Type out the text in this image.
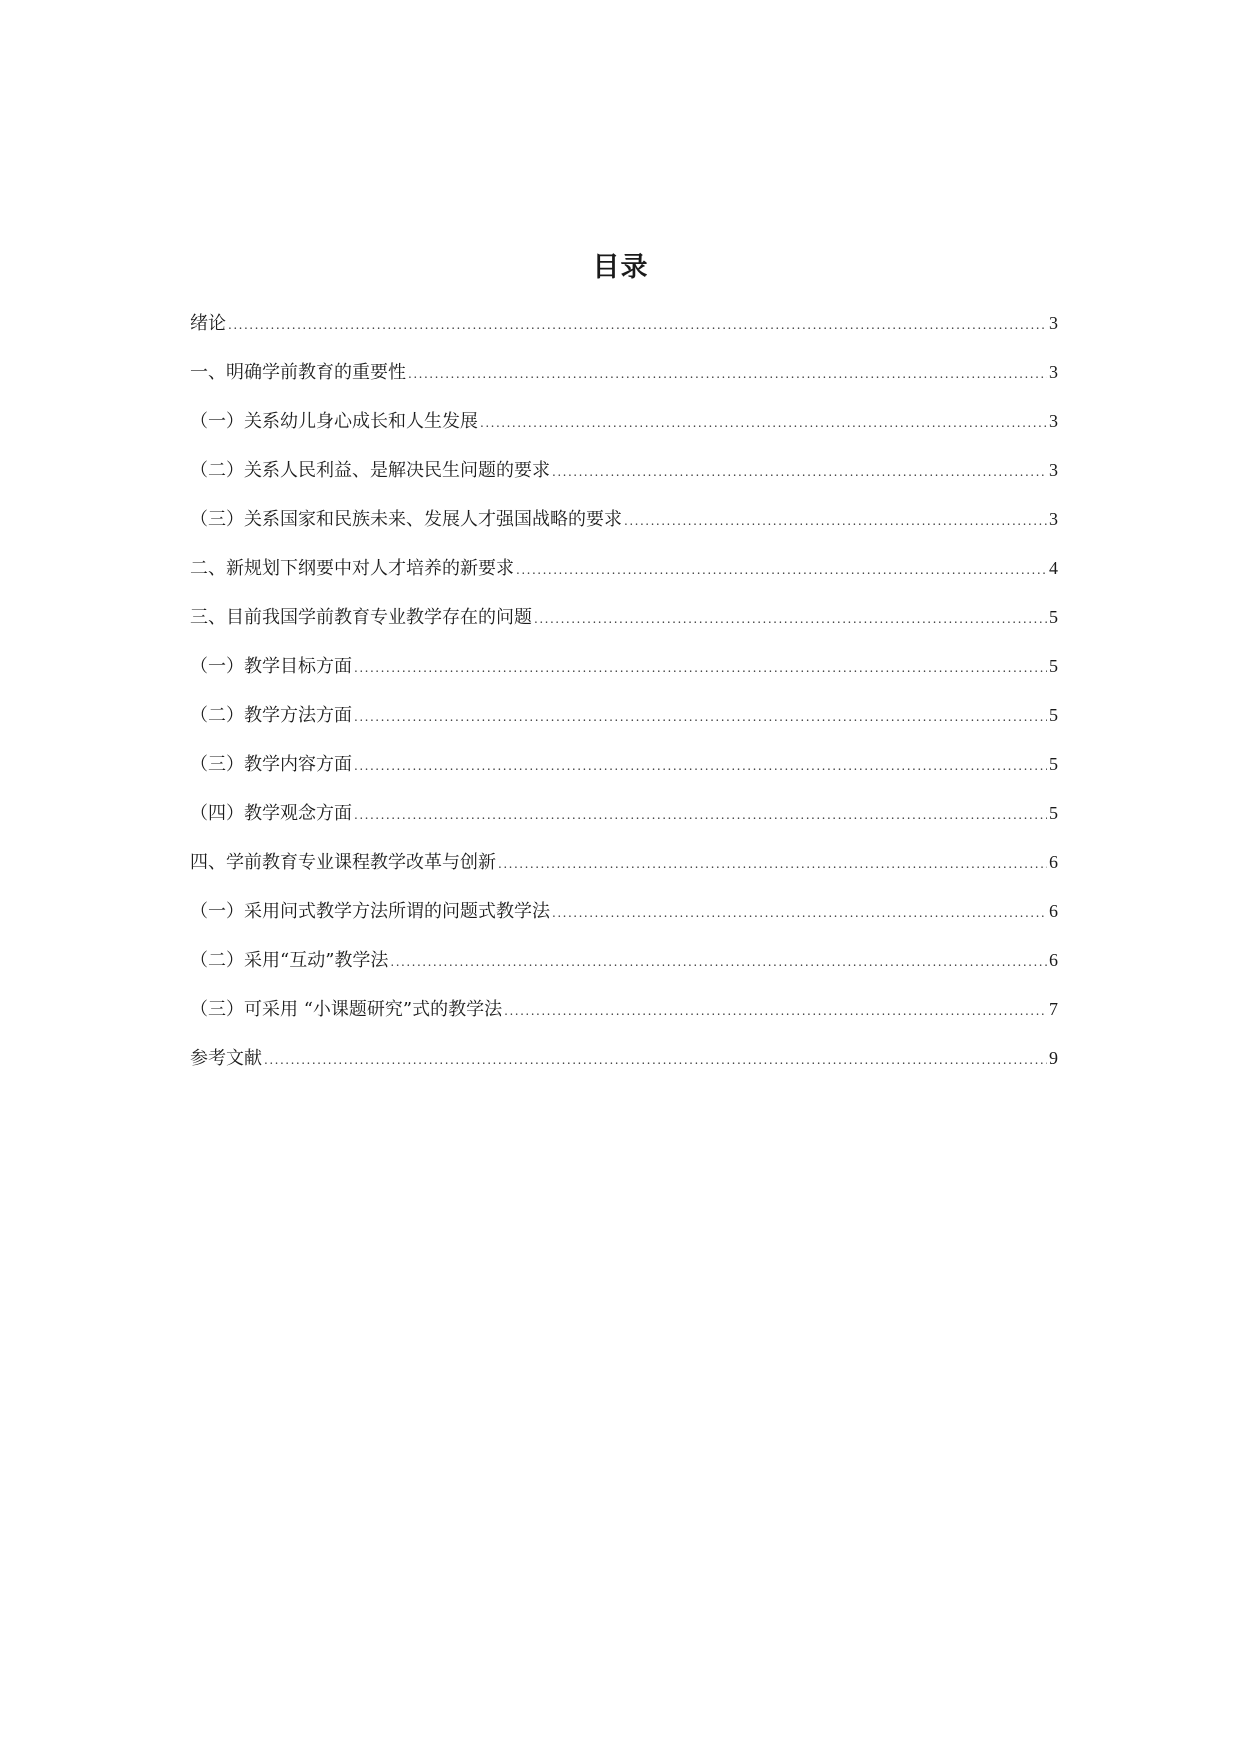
目录
绪论 .....	3
一、明确学前教育的重要性 .....	3
（一）关系幼儿身心成长和人生发展 .....	3
（二）关系人民利益、是解决民生问题的要求 .....	3
（三）关系国家和民族未来、发展人才强国战略的要求 .....	3
二、新规划下纲要中对人才培养的新要求 .....	4
三、目前我国学前教育专业教学存在的问题 .....	5
（一）教学目标方面 .....	5
（二）教学方法方面 .....	5
（三）教学内容方面 .....	5
（四）教学观念方面 .....	5
四、学前教育专业课程教学改革与创新 .....	6
（一）采用问式教学方法所谓的问题式教学法 .....	6
（二）采用“互动”教学法 .....	6
（三）可采用 “小课题研究”式的教学法 .....	7
参考文献 .....	9
